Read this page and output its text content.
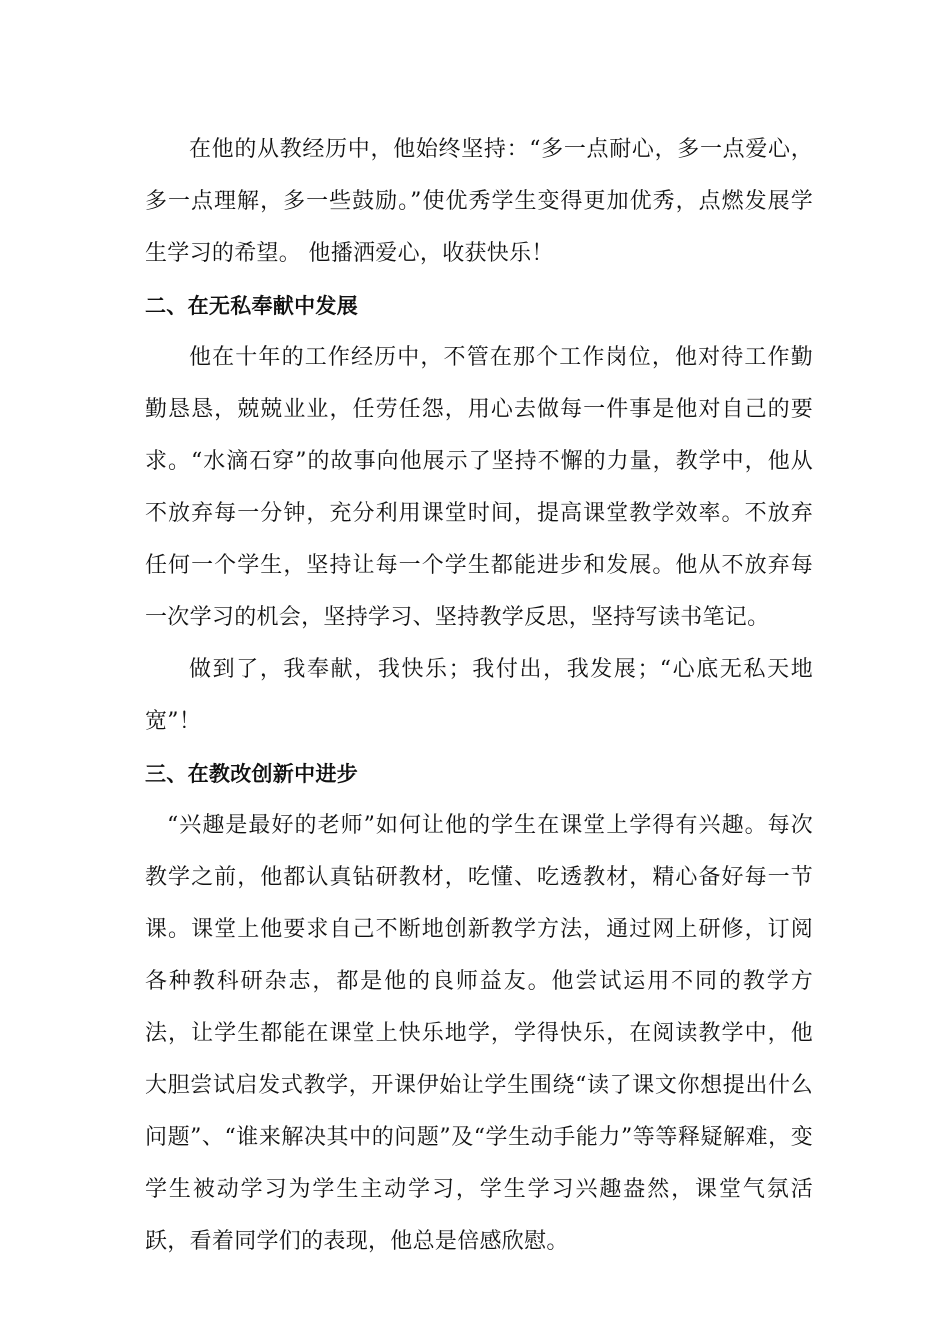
在他的从教经历中，他始终坚持：“多一点耐心，多一点爱心，多一点理解，多一些鼓励。”使优秀学生变得更加优秀，点燃发展学生学习的希望。 他播洒爱心，收获快乐！

二、在无私奉献中发展

他在十年的工作经历中，不管在那个工作岗位，他对待工作勤勤恳恳，兢兢业业，任劳任怨，用心去做每一件事是他对自己的要求。“水滴石穿”的故事向他展示了坚持不懈的力量，教学中，他从不放弃每一分钟，充分利用课堂时间，提高课堂教学效率。不放弃任何一个学生，坚持让每一个学生都能进步和发展。他从不放弃每一次学习的机会，坚持学习、坚持教学反思，坚持写读书笔记。

做到了，我奉献，我快乐；我付出，我发展；“心底无私天地宽”！

三、在教改创新中进步

“兴趣是最好的老师”如何让他的学生在课堂上学得有兴趣。每次教学之前，他都认真钻研教材，吃懂、吃透教材，精心备好每一节课。课堂上他要求自己不断地创新教学方法，通过网上研修，订阅各种教科研杂志，都是他的良师益友。他尝试运用不同的教学方法，让学生都能在课堂上快乐地学，学得快乐，在阅读教学中，他大胆尝试启发式教学，开课伊始让学生围绕“读了课文你想提出什么问题”、“谁来解决其中的问题”及“学生动手能力”等等释疑解难，变学生被动学习为学生主动学习，学生学习兴趣盎然，课堂气氛活跃，看着同学们的表现，他总是倍感欣慰。
